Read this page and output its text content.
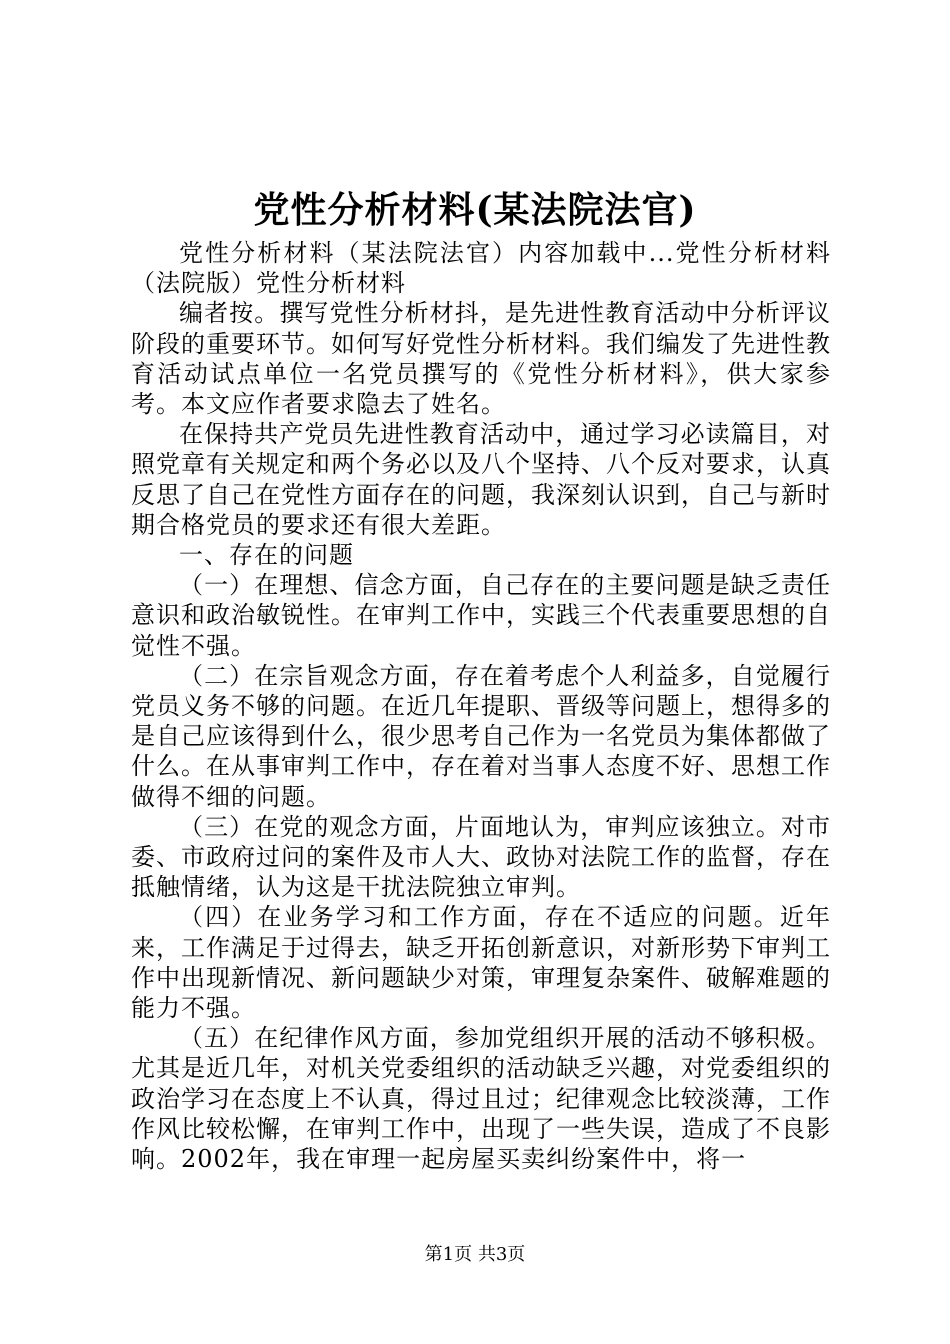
党性分析材料(某法院法官)

党性分析材料（某法院法官）内容加载中...党性分析材料（法院版）党性分析材料

编者按。撰写党性分析材抖，是先进性教育活动中分析评议阶段的重要环节。如何写好党性分析材料。我们编发了先进性教育活动试点单位一名党员撰写的《党性分析材料》，供大家参考。本文应作者要求隐去了姓名。

在保持共产党员先进性教育活动中，通过学习必读篇目，对照党章有关规定和两个务必以及八个坚持、八个反对要求，认真反思了自己在党性方面存在的问题，我深刻认识到，自己与新时期合格党员的要求还有很大差距。

一、存在的问题

（一）在理想、信念方面，自己存在的主要问题是缺乏责任意识和政治敏锐性。在审判工作中，实践三个代表重要思想的自觉性不强。

（二）在宗旨观念方面，存在着考虑个人利益多，自觉履行党员义务不够的问题。在近几年提职、晋级等问题上，想得多的是自己应该得到什么，很少思考自己作为一名党员为集体都做了什么。在从事审判工作中，存在着对当事人态度不好、思想工作做得不细的问题。

（三）在党的观念方面，片面地认为，审判应该独立。对市委、市政府过问的案件及市人大、政协对法院工作的监督，存在抵触情绪，认为这是干扰法院独立审判。

（四）在业务学习和工作方面，存在不适应的问题。近年来，工作满足于过得去，缺乏开拓创新意识，对新形势下审判工作中出现新情况、新问题缺少对策，审理复杂案件、破解难题的能力不强。

（五）在纪律作风方面，参加党组织开展的活动不够积极。尤其是近几年，对机关党委组织的活动缺乏兴趣，对党委组织的政治学习在态度上不认真，得过且过；纪律观念比较淡薄，工作作风比较松懈，在审判工作中，出现了一些失误，造成了不良影响。2002年，我在审理一起房屋买卖纠纷案件中，将一

第1页 共3页
